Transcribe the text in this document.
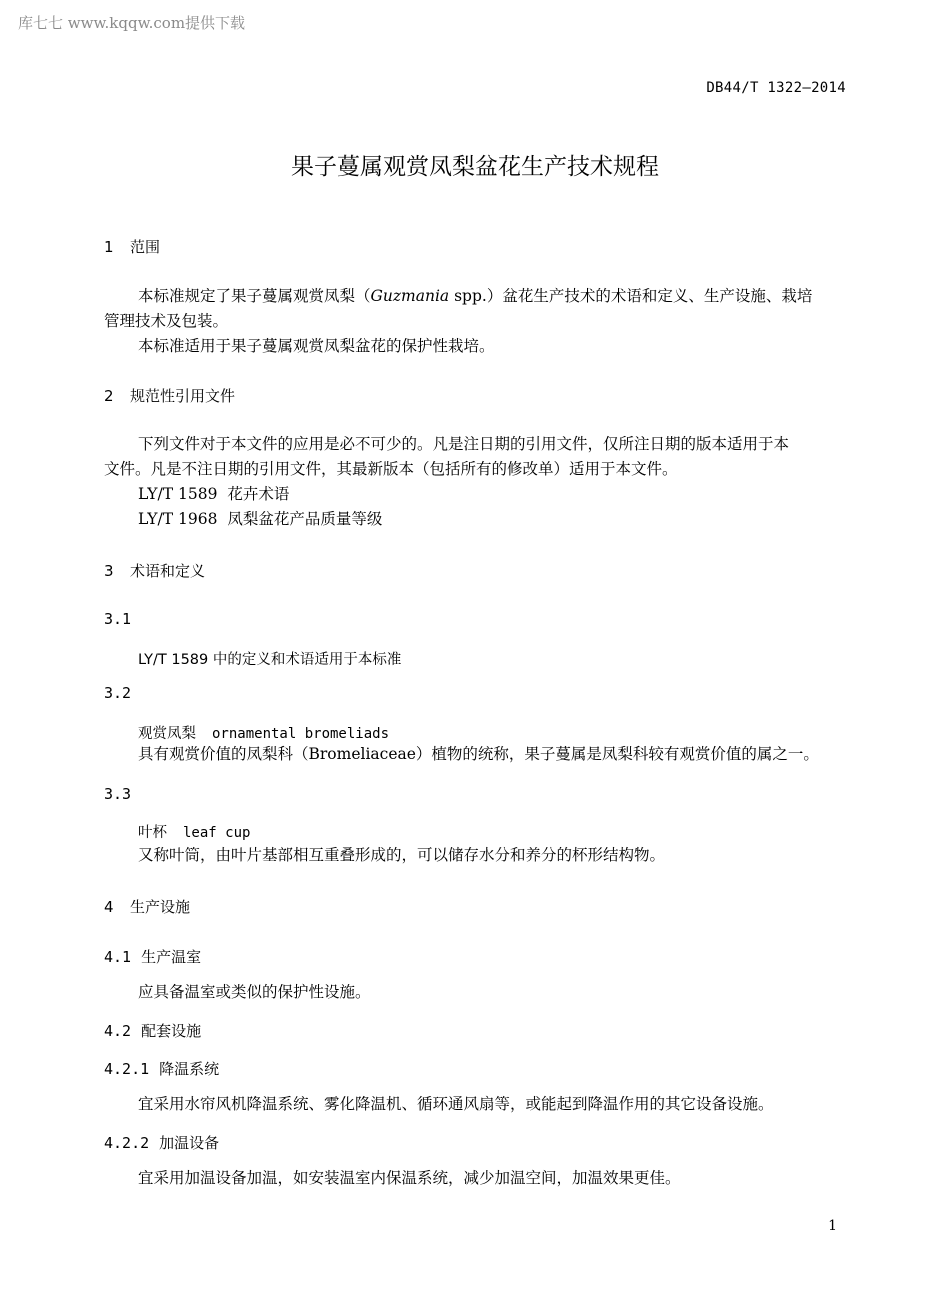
库七七 www.kqqw.com提供下载
DB44/T 1322—2014
果子蔓属观赏凤梨盆花生产技术规程
1 范围
本标准规定了果子蔓属观赏凤梨（Guzmania spp.）盆花生产技术的术语和定义、生产设施、栽培
管理技术及包装。
本标准适用于果子蔓属观赏凤梨盆花的保护性栽培。
2 规范性引用文件
下列文件对于本文件的应用是必不可少的。凡是注日期的引用文件，仅所注日期的版本适用于本
文件。凡是不注日期的引用文件，其最新版本（包括所有的修改单）适用于本文件。
LY/T 1589  花卉术语
LY/T 1968  凤梨盆花产品质量等级
3 术语和定义
3.1
LY/T 1589 中的定义和术语适用于本标准
3.2
观赏凤梨 ornamental bromeliads
具有观赏价值的凤梨科（Bromeliaceae）植物的统称，果子蔓属是凤梨科较有观赏价值的属之一。
3.3
叶杯 leaf cup
又称叶筒，由叶片基部相互重叠形成的，可以储存水分和养分的杯形结构物。
4 生产设施
4.1 生产温室
应具备温室或类似的保护性设施。
4.2 配套设施
4.2.1 降温系统
宜采用水帘风机降温系统、雾化降温机、循环通风扇等，或能起到降温作用的其它设备设施。
4.2.2 加温设备
宜采用加温设备加温，如安装温室内保温系统，减少加温空间，加温效果更佳。
1
